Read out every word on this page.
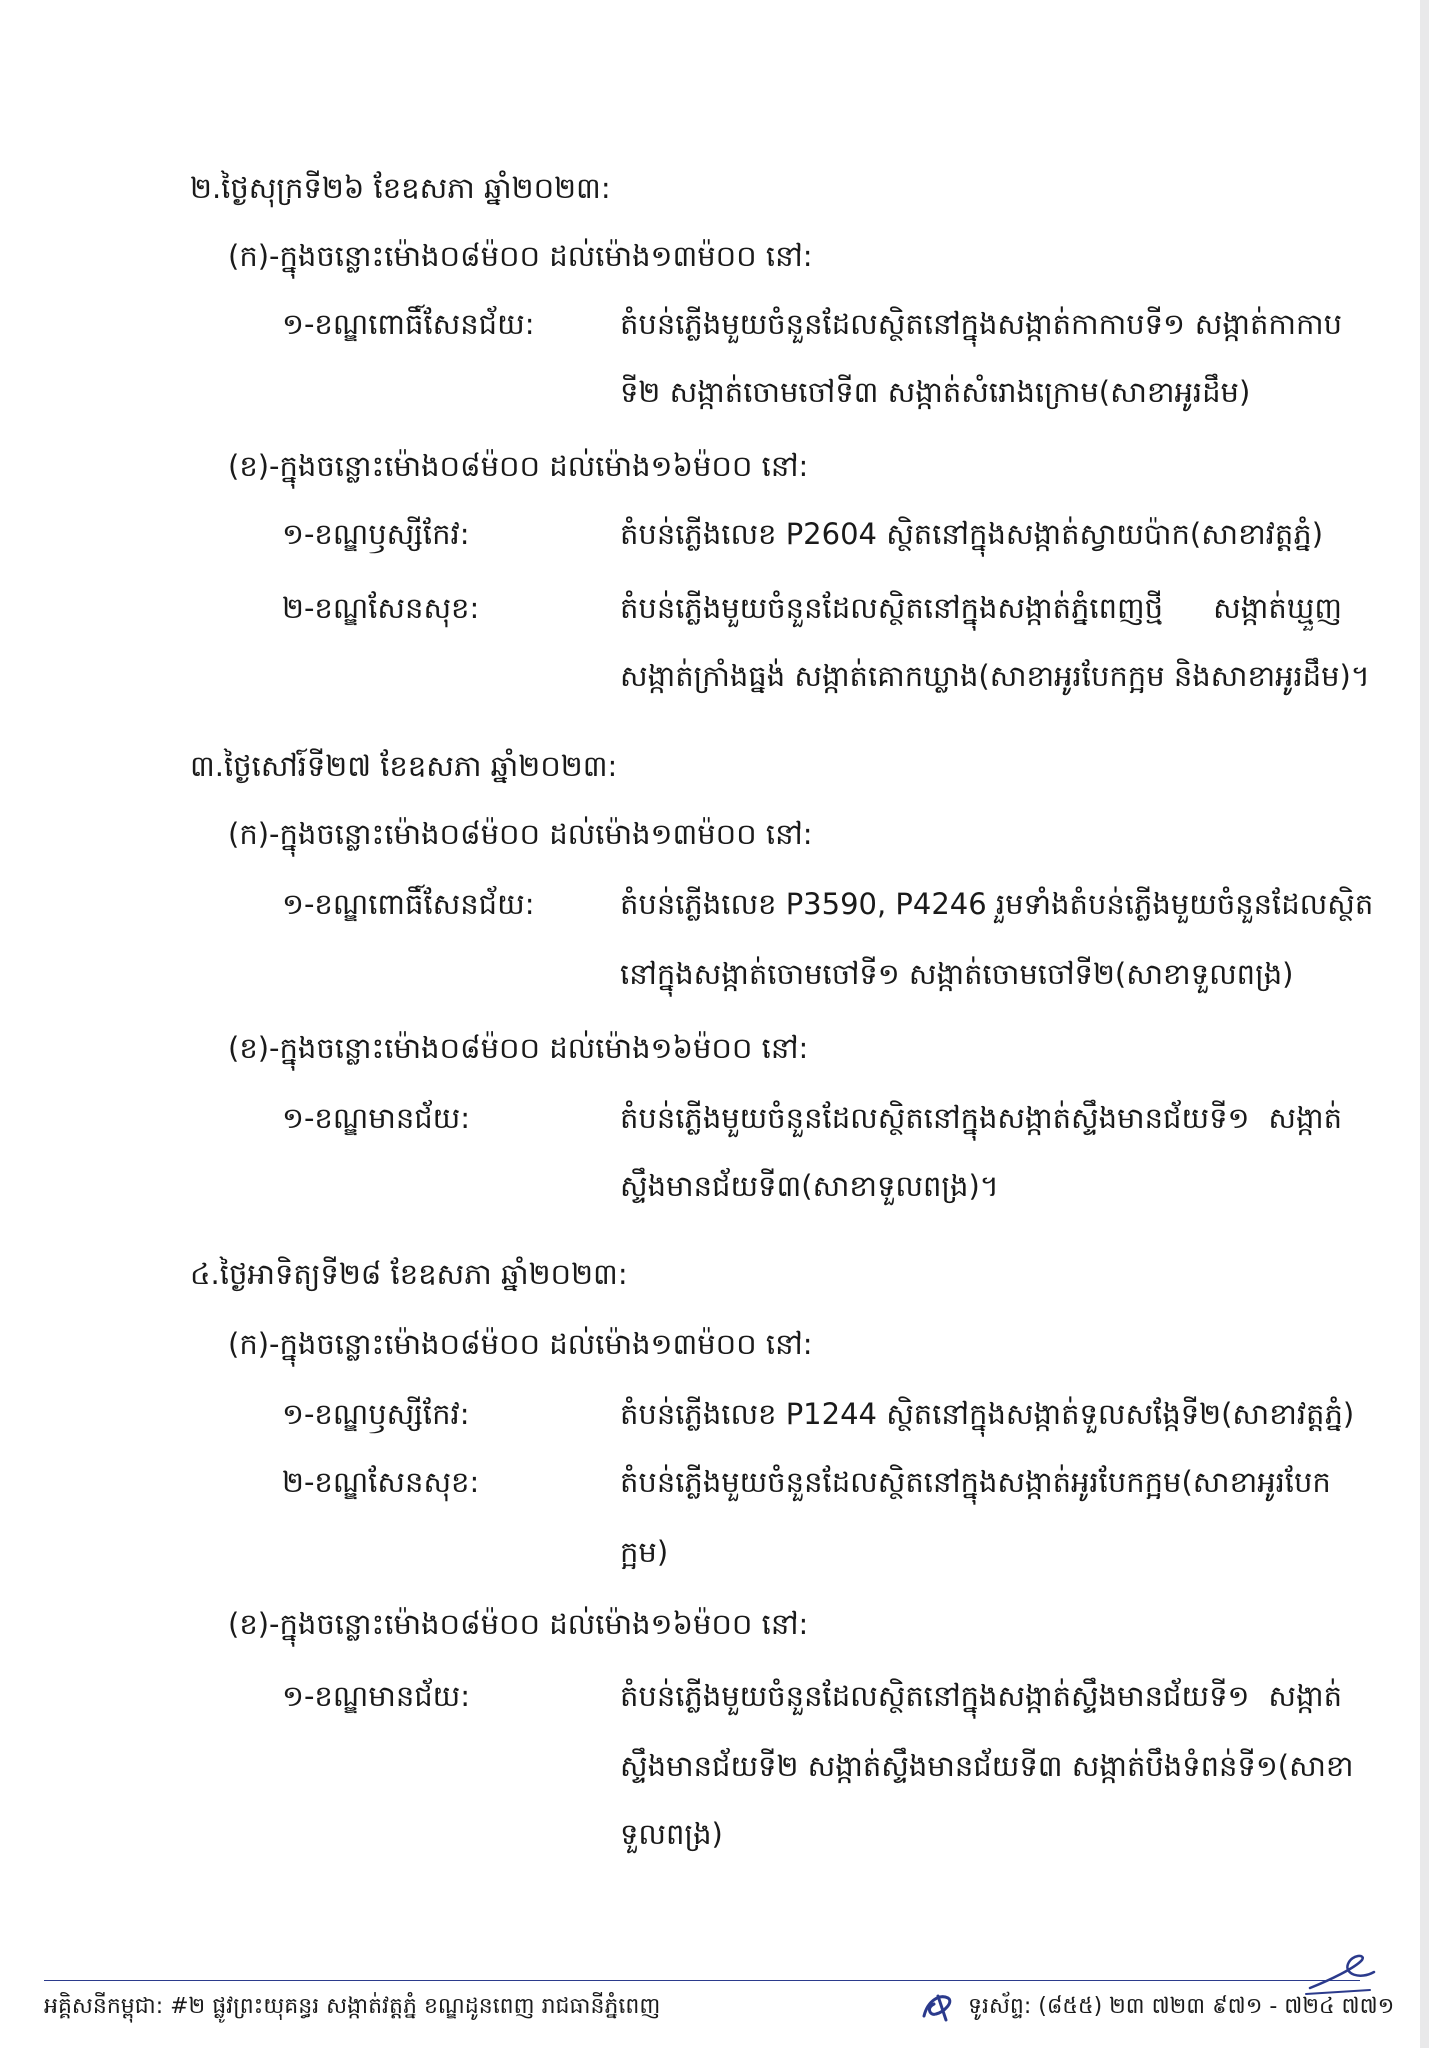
២.ថ្ងៃសុក្រទី២៦ ខែឧសភា ឆ្នាំ២០២៣:
(ក)-ក្នុងចន្លោះម៉ោង០៨ម៉០០ ដល់ម៉ោង១៣ម៉០០ នៅ:
១-ខណ្ឌពោធិ៍សែនជ័យ:	តំបន់ភ្លើងមួយចំនួនដែលស្ថិតនៅក្នុងសង្កាត់កាកាបទី១ សង្កាត់កាកាប
ទី២ សង្កាត់ចោមចៅទី៣ សង្កាត់សំរោងក្រោម(សាខាអូរដឹម)
(ខ)-ក្នុងចន្លោះម៉ោង០៨ម៉០០ ដល់ម៉ោង១៦ម៉០០ នៅ:
១-ខណ្ឌឫស្សីកែវ:	តំបន់ភ្លើងលេខ P2604 ស្ថិតនៅក្នុងសង្កាត់ស្វាយប៉ាក(សាខាវត្តភ្នំ)
២-ខណ្ឌសែនសុខ:	តំបន់ភ្លើងមួយចំនួនដែលស្ថិតនៅក្នុងសង្កាត់ភ្នំពេញថ្មី សង្កាត់ឃ្មួញ
សង្កាត់ក្រាំងធ្នង់ សង្កាត់គោកឃ្លាង(សាខាអូរបែកក្អម និងសាខាអូរដឹម)។
៣.ថ្ងៃសៅរ៍ទី២៧ ខែឧសភា ឆ្នាំ២០២៣:
(ក)-ក្នុងចន្លោះម៉ោង០៨ម៉០០ ដល់ម៉ោង១៣ម៉០០ នៅ:
១-ខណ្ឌពោធិ៍សែនជ័យ:	តំបន់ភ្លើងលេខ P3590, P4246 រួមទាំងតំបន់ភ្លើងមួយចំនួនដែលស្ថិត
នៅក្នុងសង្កាត់ចោមចៅទី១ សង្កាត់ចោមចៅទី២(សាខាទួលពង្រ)
(ខ)-ក្នុងចន្លោះម៉ោង០៨ម៉០០ ដល់ម៉ោង១៦ម៉០០ នៅ:
១-ខណ្ឌមានជ័យ:	តំបន់ភ្លើងមួយចំនួនដែលស្ថិតនៅក្នុងសង្កាត់ស្ទឹងមានជ័យទី១ សង្កាត់
ស្ទឹងមានជ័យទី៣(សាខាទួលពង្រ)។
៤.ថ្ងៃអាទិត្យទី២៨ ខែឧសភា ឆ្នាំ២០២៣:
(ក)-ក្នុងចន្លោះម៉ោង០៨ម៉០០ ដល់ម៉ោង១៣ម៉០០ នៅ:
១-ខណ្ឌឫស្សីកែវ:	តំបន់ភ្លើងលេខ P1244 ស្ថិតនៅក្នុងសង្កាត់ទួលសង្កែទី២(សាខាវត្តភ្នំ)
២-ខណ្ឌសែនសុខ:	តំបន់ភ្លើងមួយចំនួនដែលស្ថិតនៅក្នុងសង្កាត់អូរបែកក្អម(សាខាអូរបែក
ក្អម)
(ខ)-ក្នុងចន្លោះម៉ោង០៨ម៉០០ ដល់ម៉ោង១៦ម៉០០ នៅ:
១-ខណ្ឌមានជ័យ:	តំបន់ភ្លើងមួយចំនួនដែលស្ថិតនៅក្នុងសង្កាត់ស្ទឹងមានជ័យទី១ សង្កាត់
ស្ទឹងមានជ័យទី២ សង្កាត់ស្ទឹងមានជ័យទី៣ សង្កាត់បឹងទំពន់ទី១(សាខា
ទួលពង្រ)
អគ្គិសនីកម្ពុជា: #២ ផ្លូវព្រះយុគន្ធរ សង្កាត់វត្តភ្នំ ខណ្ឌដូនពេញ រាជធានីភ្នំពេញ	ទូរស័ព្ទ: (៨៥៥) ២៣ ៧២៣ ៩៧១ - ៧២៤ ៧៧១
